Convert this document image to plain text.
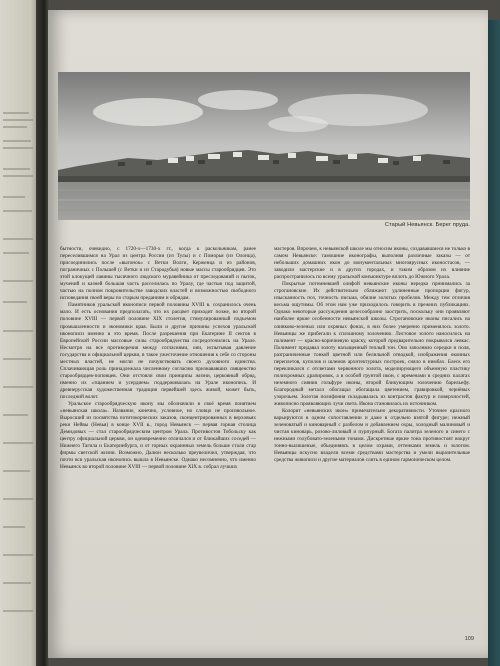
Старый Невьянск. Берег пруда.

бытности, очевидно, с 1720-х—1730-х гг., когда к раскольникам, ранее переселившимся на Урал из центра России (из Тулы) и с Поморья (из Олонца), присоединились после «выгонок» с Ветки Волги, Керженца и из районов, пограничных с Польшей (с Ветки и из Стародубья) новые массы старообрядцев. Это этой клокущей лавины тысячного людского муравейника от преследований и пыток, мучений и казней большая часть расселилась по Уралу, где частью под защитой, частью на полном покровительстве заводских властей и возможностью свободного исповедания своей веры по старым преданиям и обрядам.

Памятников уральской иконописи первой половины XVIII в. сохранилось очень мало. И есть основания предполагать, что их расцвет приходит позже, во второй половине XVIII — первой половине XIX столетия, стимулированный подъемом промышленности и экономики края. Были и другие причины успехов уральской иконописи именно в это время. После разрешения при Екатерине II сектов в Европейской России массовые силы старообрядчества сосредоточились на Урале. Несмотря на все противоречия между согласиями, они, испытывая давление государства и официальной церкви, в такое ужесточение отношения к себе со стороны местных властей, не могли не почувствовать своего духовного единства. Сплачивающая роль принадлежала численному согласию признававших священство старообрядцев-поповцев. Они отстояли свои принципы жизни, церковный обряд, именно их «тщанием и усердием» поддерживалась на Урале иконопись. И древнерусская художественная традиция первейшей здесь живой, может быть, последний волот.

Уральское старообрядческую икону мы обозначили в своё время понятием «невьянская школа». Название, конечно, условное, но словцо не произвольное. Выросший из посвятства потитокорческих заказов, сконцентрированных в верховьях реки Нейвы (Невья) в конце XVII в., город Невьянск — первая горная столица Демидовых — стал старообрядческим центром Урала. Противостоя Тобольску как центру официальной церкви, он одновременно отличался и от ближайших соседей — Нижнего Тагила и Екатеринбурга, и от горных окраинных земель больше стали стар фирмы светской жизни. Возможно, Далюн несколько преувеличил, утверждая, что почти вся уральская иконопись вышла в Невьянске. Однако несомненно, что именно Невьянск во второй половине XVIII — первой половине XIX в. собрал лучших

мастеров. Впрочем, к невьянской школе мы относим иконы, создававшиеся не только в самом Невьянске: тамошние иконографы, выполняя различные заказы — от небольших домашних икон до монументальных многоярусных иконостасов, — заводили мастерские и в других городах, и таким образом их влияние распространилось по всему уральской конъюнктуре вплоть до Южного Урала.

Покрытые потемневшей олифой невьянские иконы нередко принимались за строгановские. Их действительно сближают удлиненные пропорции фигур, изысканность поз, точность письма, обилие золотых пробелов. Между тем отличия весьма ощутимы. Об этом нам уже приходилось говорить в прежних публикациях. Однако некоторые рассуждения целесообразно заострить, поскольку они проявляют наиболее яркие особенности невьянской школы. Строгановские иконы писались на оливково-зеленых или охряных фонах, в них более умеренно применялось золото. Невьянцы же прибегали к сплошному золочению. Листовое золото наносилось на полимент — красно-коричневую краску, которой предварительно покрывался левкас. Полимент придавал золоту насыщенный теплый тон. Оно заполняло середки и поля, разграниченные тонкой цветной или белильной отводкой, изображения оконных переплетов, куполов и шлемов архитектурных построек, сияло в нимбах. Блеск его перекликался с отсветами червонного золота, моделирующего объемную пластику полихромных драпировок, а в особой грунтой икон, с временами в средних палатах неземного сияния гольфуре иконы, второй бликующим золочению барельефу. Благородный металл обогащал обогащала цветением, гравировкой, чернёвых узорочьем. Золотая полифония складывалась из контрастов фактур и поверхностей, живописно проявляющих лучи света. Икона становилась их источником.

Колорит «невьянских икон» примечательно декоративности. Уточнее красного варьируются в одном сопоставлении и даже в отдельно взятой фигуре; нежный зеленоватый и киноварный с разбелом и добавлением охры, холодный малиновый и чистая киноварь, розово-лиловый и пурпурный. Богата палитра зеленого и синего с нежными голубовато-зелеными тонами. Дискретные яркие тона противостоят вокруг тонно-вылишеные, объединяясь в целом охрами, оттенками земель и золотом. Невьянцы искусно владели всеми средствами мастерства и умели выразительные средства живописи и другие материалов слить в едином гармоническом целом.

109
